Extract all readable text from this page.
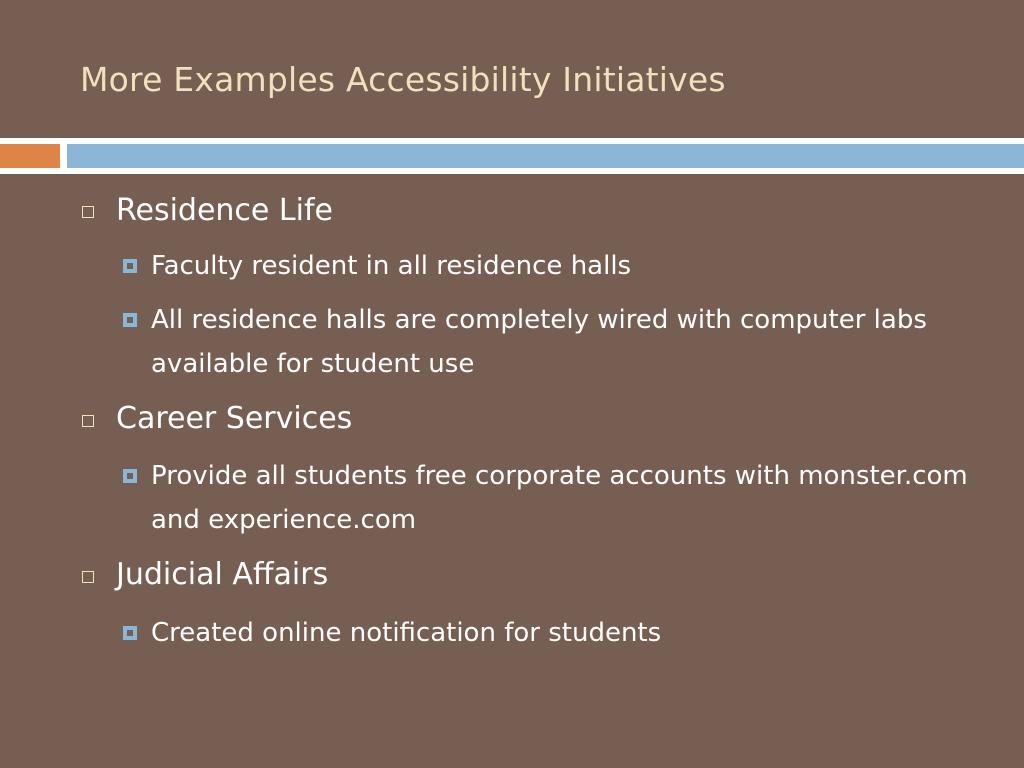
More Examples Accessibility Initiatives
Residence Life
Faculty resident in all residence halls
All residence halls are completely wired with computer labs available for student use
Career Services
Provide all students free corporate accounts with monster.com and experience.com
Judicial Affairs
Created online notification for students
